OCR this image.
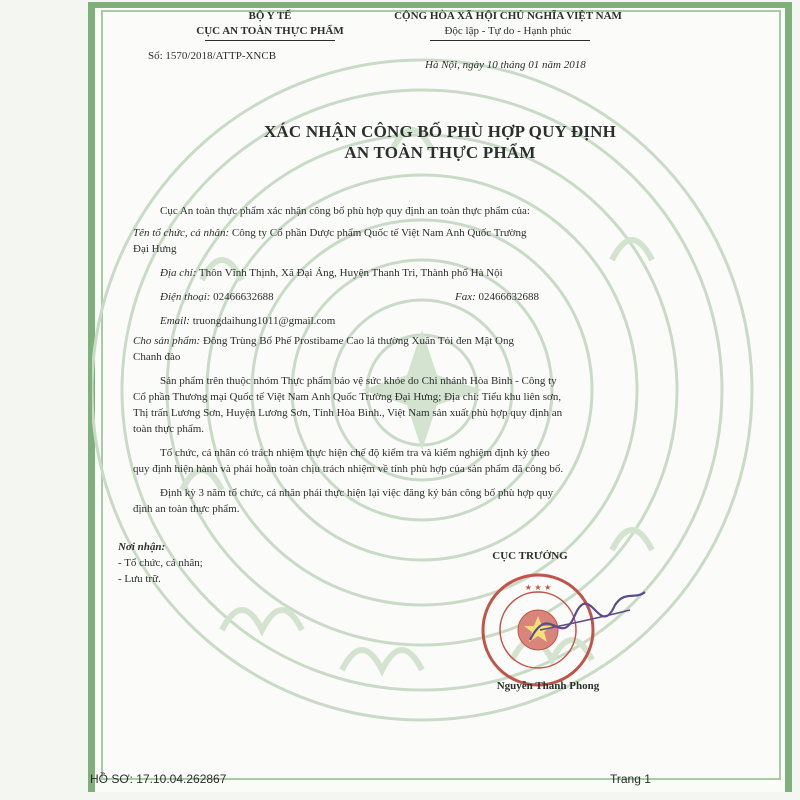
BỘ Y TẾ
CỤC AN TOÀN THỰC PHẨM
Số: 1570/2018/ATTP-XNCB
CỘNG HÒA XÃ HỘI CHỦ NGHĨA VIỆT NAM
Độc lập - Tự do - Hạnh phúc
Hà Nội, ngày 10 tháng 01 năm 2018
XÁC NHẬN CÔNG BỐ PHÙ HỢP QUY ĐỊNH
AN TOÀN THỰC PHẨM
Cục An toàn thực phẩm xác nhận công bố phù hợp quy định an toàn thực phẩm của:
Tên tổ chức, cá nhân: Công ty Cổ phần Dược phẩm Quốc tế Việt Nam Anh Quốc Trường
Đại Hưng
Địa chỉ: Thôn Vĩnh Thịnh, Xã Đại Áng, Huyện Thanh Trì, Thành phố Hà Nội
Điện thoại: 02466632688	Fax: 02466632688
Email: truongdaihung1011@gmail.com
Cho sản phẩm: Đông Trùng Bổ Phế Prostibame Cao lá thường Xuân Tỏi đen Mật Ong
Chanh đào
Sản phẩm trên thuộc nhóm Thực phẩm bảo vệ sức khỏe do Chi nhánh Hòa Bình - Công ty
Cổ phần Thương mại Quốc tế Việt Nam Anh Quốc Trường Đại Hưng; Địa chỉ: Tiểu khu liên sơn,
Thị trấn Lương Sơn, Huyện Lương Sơn, Tỉnh Hòa Bình., Việt Nam sản xuất phù hợp quy định an
toàn thực phẩm.
Tổ chức, cá nhân có trách nhiệm thực hiện chế độ kiểm tra và kiểm nghiệm định kỳ theo
quy định hiện hành và phải hoàn toàn chịu trách nhiệm về tính phù hợp của sản phẩm đã công bố.
Định kỳ 3 năm tổ chức, cá nhân phải thực hiện lại việc đăng ký bản công bố phù hợp quy
định an toàn thực phẩm.
Nơi nhận:
- Tổ chức, cá nhân;
- Lưu trữ.
CỤC TRƯỞNG
★ ★ ★
Nguyễn Thanh Phong
HỒ SƠ: 17.10.04.262867	Trang 1
